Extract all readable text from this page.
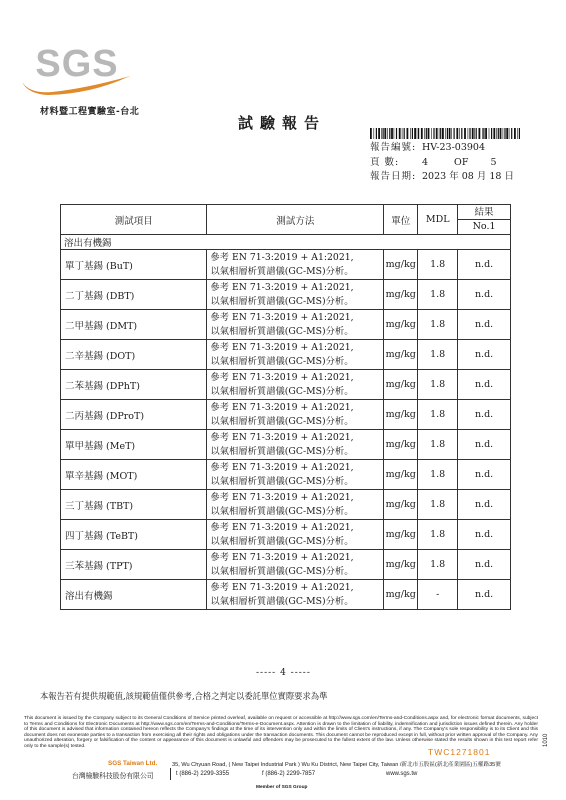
SGS
材料暨工程實驗室-台北
試驗報告
報告編號: HV-23-03904
頁 數: 4	OF 5
報告日期: 2023 年 08 月 18 日
測試項目	測試方法	單位	MDL	結果
No.1

溶出有機錫				
單丁基錫 (BuT)	參考 EN 71-3:2019 + A1:2021,
以氣相層析質譜儀(GC-MS)分析。	mg/kg	1.8	n.d.
二丁基錫 (DBT)	參考 EN 71-3:2019 + A1:2021,
以氣相層析質譜儀(GC-MS)分析。	mg/kg	1.8	n.d.
二甲基錫 (DMT)	參考 EN 71-3:2019 + A1:2021,
以氣相層析質譜儀(GC-MS)分析。	mg/kg	1.8	n.d.
二辛基錫 (DOT)	參考 EN 71-3:2019 + A1:2021,
以氣相層析質譜儀(GC-MS)分析。	mg/kg	1.8	n.d.
二苯基錫 (DPhT)	參考 EN 71-3:2019 + A1:2021,
以氣相層析質譜儀(GC-MS)分析。	mg/kg	1.8	n.d.
二丙基錫 (DProT)	參考 EN 71-3:2019 + A1:2021,
以氣相層析質譜儀(GC-MS)分析。	mg/kg	1.8	n.d.
單甲基錫 (MeT)	參考 EN 71-3:2019 + A1:2021,
以氣相層析質譜儀(GC-MS)分析。	mg/kg	1.8	n.d.
單辛基錫 (MOT)	參考 EN 71-3:2019 + A1:2021,
以氣相層析質譜儀(GC-MS)分析。	mg/kg	1.8	n.d.
三丁基錫 (TBT)	參考 EN 71-3:2019 + A1:2021,
以氣相層析質譜儀(GC-MS)分析。	mg/kg	1.8	n.d.
四丁基錫 (TeBT)	參考 EN 71-3:2019 + A1:2021,
以氣相層析質譜儀(GC-MS)分析。	mg/kg	1.8	n.d.
三苯基錫 (TPT)	參考 EN 71-3:2019 + A1:2021,
以氣相層析質譜儀(GC-MS)分析。	mg/kg	1.8	n.d.
溶出有機錫	參考 EN 71-3:2019 + A1:2021,
以氣相層析質譜儀(GC-MS)分析。	mg/kg	-	n.d.
----- 4 -----
本報告若有提供規範值,該規範值僅供參考,合格之判定以委託單位實際要求為準
This document is issued by the Company subject to its General Conditions of Service printed overleaf, available on request or accessible at http://www.sgs.com/en/Terms-and-Conditions.aspx and, for electronic format documents, subject to Terms and Conditions for Electronic Documents at http://www.sgs.com/en/Terms-and-Conditions/Terms-e-Document.aspx. Attention is drawn to the limitation of liability, indemnification and jurisdiction issues defined therein. Any holder of this document is advised that information contained hereon reflects the Company's findings at the time of its intervention only and within the limits of Client's instructions, if any. The Company's sole responsibility is to its Client and this document does not exonerate parties to a transaction from exercising all their rights and obligations under the transaction documents. This document cannot be reproduced except in full, without prior written approval of the Company. Any unauthorized alteration, forgery or falsification of the content or appearance of this document is unlawful and offenders may be prosecuted to the fullest extent of the law. Unless otherwise stated the results shown in this test report refer only to the sample(s) tested.	1010
SGS Taiwan Ltd.	35, Wu Chyuan Road, ( New Taipei Industrial Park ) Wu Ku District, New Taipei City, Taiwan /新北市五股區(新北產業園區)五權路35號
TWC1271801
台灣檢驗科技股份有限公司	t (886-2) 2299-3355	f (886-2) 2299-7857	www.sgs.tw
Member of SGS Group
